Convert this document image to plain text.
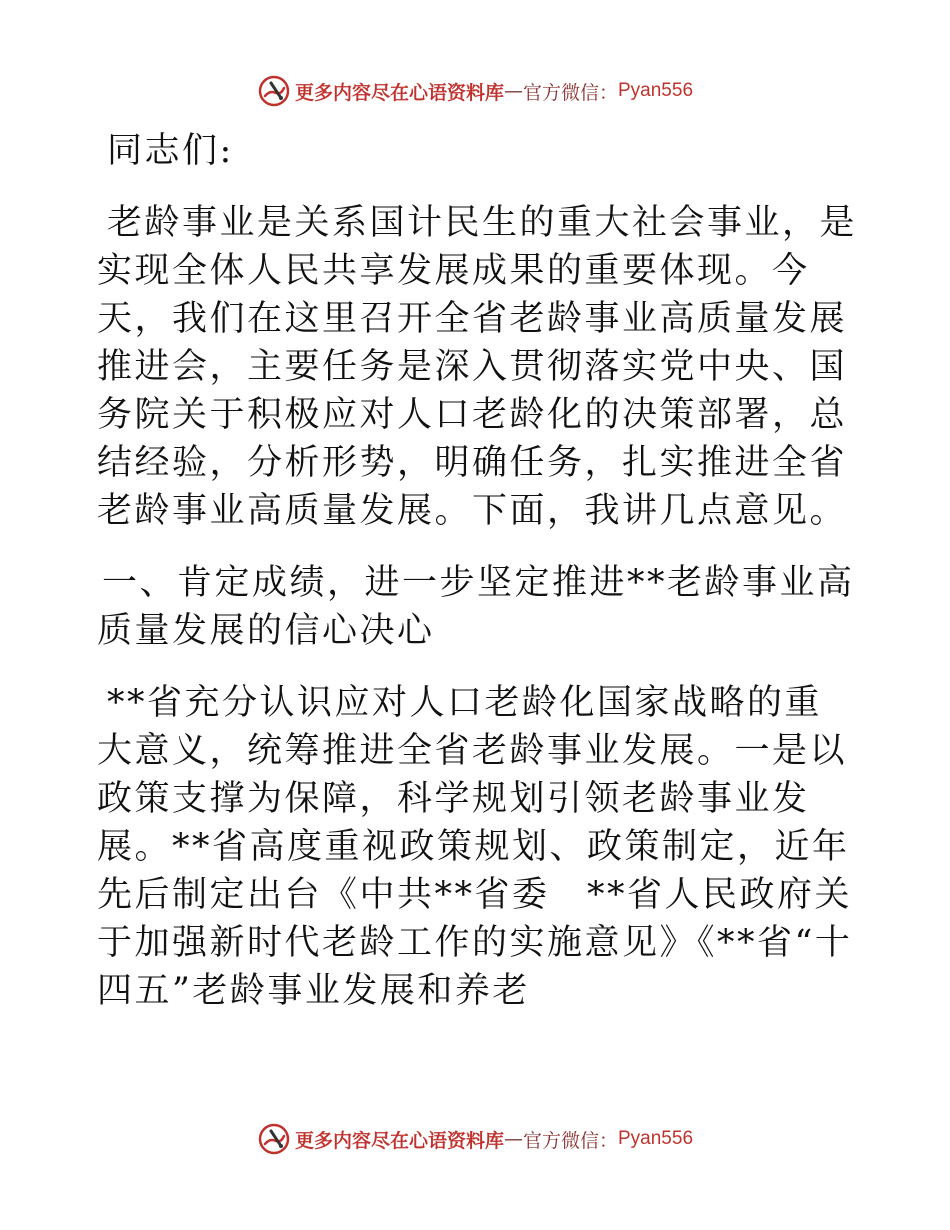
更多内容尽在心语资料库 — 官方微信： Pyan556

同志们:

老龄事业是关系国计民生的重大社会事业，是实现全体人民共享发展成果的重要体现。今天，我们在这里召开全省老龄事业高质量发展推进会，主要任务是深入贯彻落实党中央、国务院关于积极应对人口老龄化的决策部署，总结经验，分析形势，明确任务，扎实推进全省老龄事业高质量发展。下面，我讲几点意见。

一、肯定成绩，进一步坚定推进**老龄事业高质量发展的信心决心

**省充分认识应对人口老龄化国家战略的重大意义，统筹推进全省老龄事业发展。一是以政策支撑为保障，科学规划引领老龄事业发展。**省高度重视政策规划、政策制定，近年先后制定出台《中共**省委　**省人民政府关于加强新时代老龄工作的实施意见》《**省“十四五”老龄事业发展和养老

更多内容尽在心语资料库 — 官方微信： Pyan556
